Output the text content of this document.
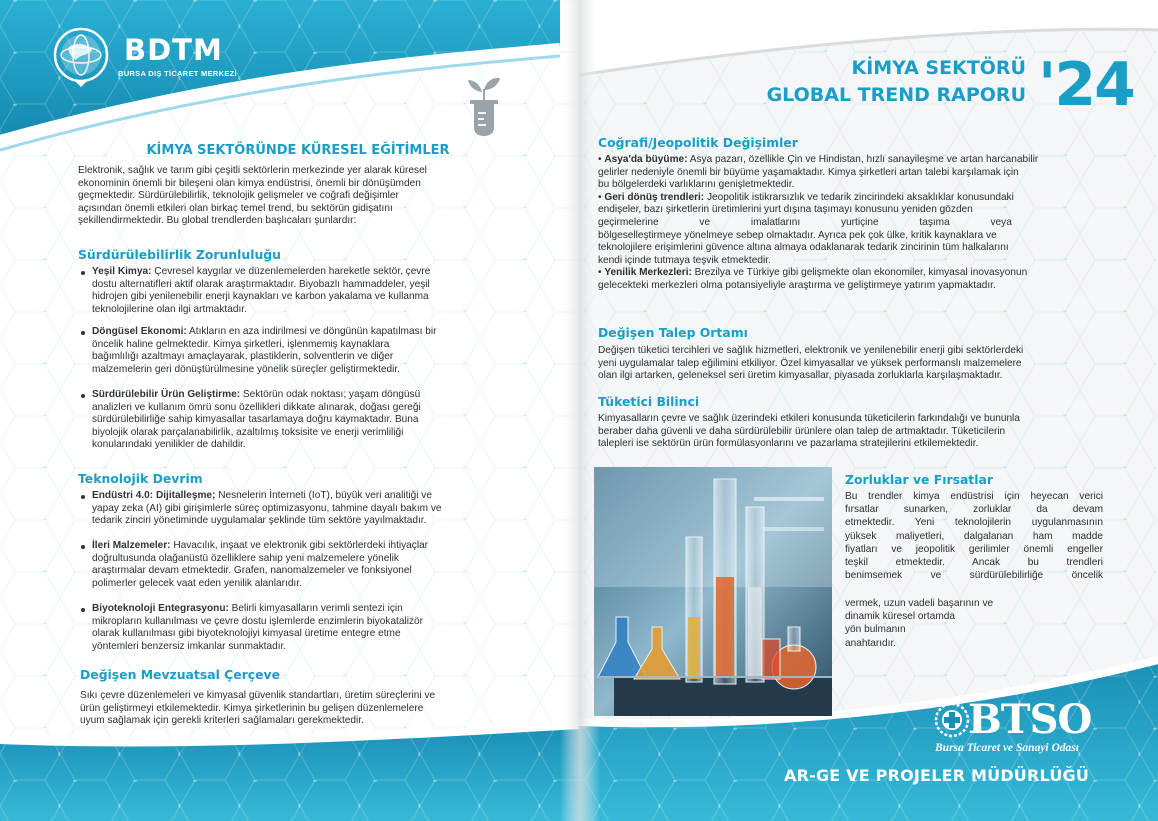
BDTM
BURSA DIŞ TİCARET MERKEZİ	KİMYA SEKTÖRÜ
GLOBAL TREND RAPORU '24
KİMYA SEKTÖRÜNDE KÜRESEL EĞİTİMLER
Elektronik, sağlık ve tarım gibi çeşitli sektörlerin merkezinde yer alarak küresel
ekonominin önemli bir bileşeni olan kimya endüstrisi, önemli bir dönüşümden
geçmektedir. Sürdürülebilirlik, teknolojik gelişmeler ve coğrafi değişimler
açısından önemli etkileri olan birkaç temel trend, bu sektörün gidişatını
şekillendirmektedir. Bu global trendlerden başlıcaları şunlardır:
Sürdürülebilirlik Zorunluluğu
Yeşil Kimya: Çevresel kaygılar ve düzenlemelerden hareketle sektör, çevre
dostu alternatifleri aktif olarak araştırmaktadır. Biyobazlı hammaddeler, yeşil
hidrojen gibi yenilenebilir enerji kaynakları ve karbon yakalama ve kullanma
teknolojilerine olan ilgi artmaktadır.
Döngüsel Ekonomi: Atıkların en aza indirilmesi ve döngünün kapatılması bir
öncelik haline gelmektedir. Kimya şirketleri, işlenmemiş kaynaklara
bağımlılığı azaltmayı amaçlayarak, plastiklerin, solventlerin ve diğer
malzemelerin geri dönüştürülmesine yönelik süreçler geliştirmektedir.
Sürdürülebilir Ürün Geliştirme: Sektörün odak noktası; yaşam döngüsü
analizleri ve kullanım ömrü sonu özellikleri dikkate alınarak, doğası gereği
sürdürülebilirliğe sahip kimyasallar tasarlamaya doğru kaymaktadır. Buna
biyolojik olarak parçalanabilirlik, azaltılmış toksisite ve enerji verimliliği
konularındaki yenilikler de dahildir.
Teknolojik Devrim
Endüstri 4.0: Dijitalleşme; Nesnelerin İnterneti (IoT), büyük veri analitiği ve
yapay zeka (AI) gibi girişimlerle süreç optimizasyonu, tahmine dayalı bakım ve
tedarik zinciri yönetiminde uygulamalar şeklinde tüm sektöre yayılmaktadır.
İleri Malzemeler: Havacılık, inşaat ve elektronik gibi sektörlerdeki ihtiyaçlar
doğrultusunda olağanüstü özelliklere sahip yeni malzemelere yönelik
araştırmalar devam etmektedir. Grafen, nanomalzemeler ve fonksiyonel
polimerler gelecek vaat eden yenilik alanlarıdır.
Biyoteknoloji Entegrasyonu: Belirli kimyasalların verimli sentezi için
mikropların kullanılması ve çevre dostu işlemlerde enzimlerin biyokatalizör
olarak kullanılması gibi biyoteknolojiyi kimyasal üretime entegre etme
yöntemleri benzersiz imkanlar sunmaktadır.
Değişen Mevzuatsal Çerçeve
Sıkı çevre düzenlemeleri ve kimyasal güvenlik standartları, üretim süreçlerini ve
ürün geliştirmeyi etkilemektedir. Kimya şirketlerinin bu gelişen düzenlemelere
uyum sağlamak için gerekli kriterleri sağlamaları gerekmektedir.
Coğrafi/Jeopolitik Değişimler
• Asya'da büyüme: Asya pazarı, özellikle Çin ve Hindistan, hızlı sanayileşme ve artan harcanabilir
gelirler nedeniyle önemli bir büyüme yaşamaktadır. Kimya şirketleri artan talebi karşılamak için
bu bölgelerdeki varlıklarını genişletmektedir.
• Geri dönüş trendleri: Jeopolitik istikrarsızlık ve tedarik zincirindeki aksaklıklar konusundaki
endişeler, bazı şirketlerin üretimlerini yurt dışına taşımayı konusunu yeniden gözden
geçirmelerine ve imalatlarını yurtiçine taşıma veya
bölgeselleştirmeye yönelmeye sebep olmaktadır. Ayrıca pek çok ülke, kritik kaynaklara ve
teknolojilere erişimlerini güvence altına almaya odaklanarak tedarik zincirinin tüm halkalarını
kendi içinde tutmaya teşvik etmektedir.
• Yenilik Merkezleri: Brezilya ve Türkiye gibi gelişmekte olan ekonomiler, kimyasal inovasyonun
gelecekteki merkezleri olma potansiyeliyle araştırma ve geliştirmeye yatırım yapmaktadır.
Değişen Talep Ortamı
Değişen tüketici tercihleri ve sağlık hizmetleri, elektronik ve yenilenebilir enerji gibi sektörlerdeki
yeni uygulamalar talep eğilimini etkiliyor. Özel kimyasallar ve yüksek performanslı malzemelere
olan ilgi artarken, geleneksel seri üretim kimyasallar, piyasada zorluklarla karşılaşmaktadır.
Tüketici Bilinci
Kimyasalların çevre ve sağlık üzerindeki etkileri konusunda tüketicilerin farkındalığı ve bununla
beraber daha güvenli ve daha sürdürülebilir ürünlere olan talep de artmaktadır. Tüketicilerin
talepleri ise sektörün ürün formülasyonlarını ve pazarlama stratejilerini etkilemektedir.
Zorluklar ve Fırsatlar
Bu trendler kimya endüstrisi için heyecan verici
fırsatlar sunarken, zorluklar da devam
etmektedir. Yeni teknolojilerin uygulanmasının
yüksek maliyetleri, dalgalanan ham madde
fiyatları ve jeopolitik gerilimler önemli engeller
teşkil etmektedir. Ancak bu trendleri
benimsemek ve sürdürülebilirliğe öncelik
vermek, uzun vadeli başarının ve
dinamik küresel ortamda
yön bulmanın
anahtarıdır.
BTSO
Bursa Ticaret ve Sanayi Odası
AR-GE VE PROJELER MÜDÜRLÜĞÜ
